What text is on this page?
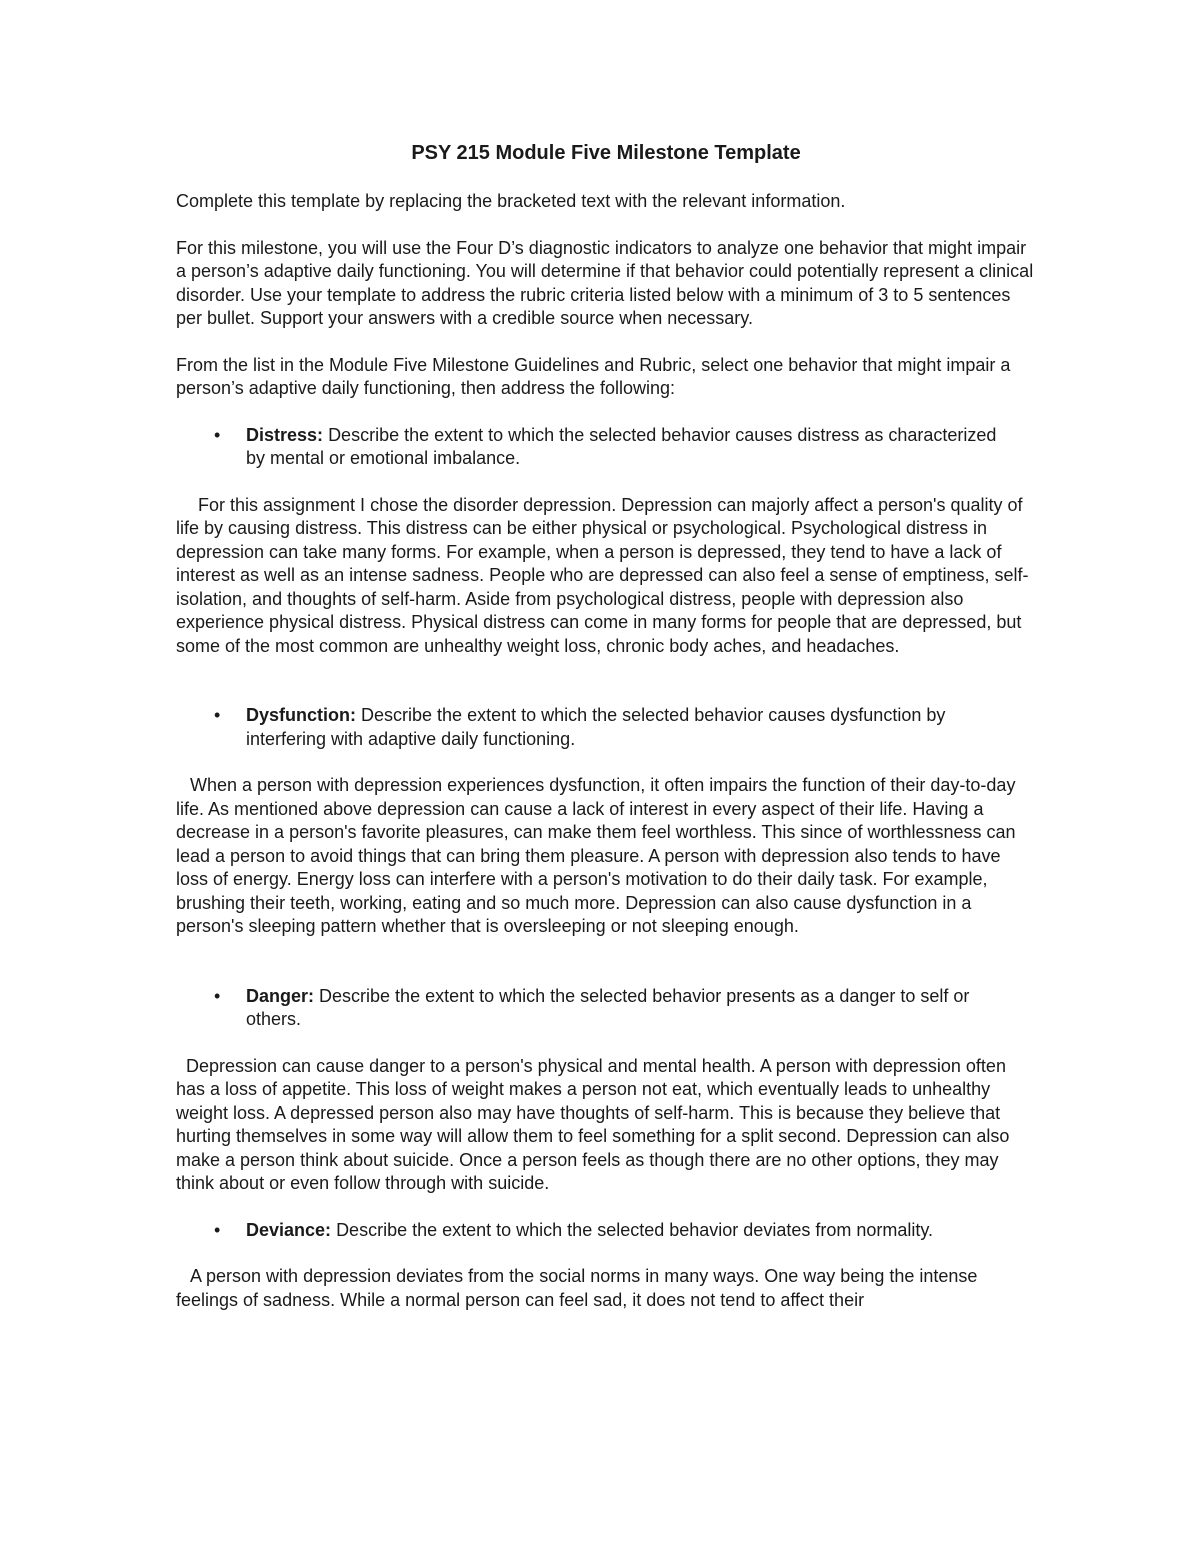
PSY 215 Module Five Milestone Template

Complete this template by replacing the bracketed text with the relevant information.

For this milestone, you will use the Four D’s diagnostic indicators to analyze one behavior that might impair a person’s adaptive daily functioning. You will determine if that behavior could potentially represent a clinical disorder. Use your template to address the rubric criteria listed below with a minimum of 3 to 5 sentences per bullet. Support your answers with a credible source when necessary.

From the list in the Module Five Milestone Guidelines and Rubric, select one behavior that might impair a person’s adaptive daily functioning, then address the following:

• Distress: Describe the extent to which the selected behavior causes distress as characterized by mental or emotional imbalance.

For this assignment I chose the disorder depression. Depression can majorly affect a person's quality of life by causing distress. This distress can be either physical or psychological. Psychological distress in depression can take many forms. For example, when a person is depressed, they tend to have a lack of interest as well as an intense sadness. People who are depressed can also feel a sense of emptiness, self-isolation, and thoughts of self-harm. Aside from psychological distress, people with depression also experience physical distress. Physical distress can come in many forms for people that are depressed, but some of the most common are unhealthy weight loss, chronic body aches, and headaches.

• Dysfunction: Describe the extent to which the selected behavior causes dysfunction by interfering with adaptive daily functioning.

When a person with depression experiences dysfunction, it often impairs the function of their day-to-day life. As mentioned above depression can cause a lack of interest in every aspect of their life. Having a decrease in a person's favorite pleasures, can make them feel worthless. This since of worthlessness can lead a person to avoid things that can bring them pleasure. A person with depression also tends to have loss of energy. Energy loss can interfere with a person's motivation to do their daily task. For example, brushing their teeth, working, eating and so much more. Depression can also cause dysfunction in a person's sleeping pattern whether that is oversleeping or not sleeping enough.

• Danger: Describe the extent to which the selected behavior presents as a danger to self or others.

Depression can cause danger to a person's physical and mental health. A person with depression often has a loss of appetite. This loss of weight makes a person not eat, which eventually leads to unhealthy weight loss. A depressed person also may have thoughts of self-harm. This is because they believe that hurting themselves in some way will allow them to feel something for a split second. Depression can also make a person think about suicide. Once a person feels as though there are no other options, they may think about or even follow through with suicide.

• Deviance: Describe the extent to which the selected behavior deviates from normality.

A person with depression deviates from the social norms in many ways. One way being the intense feelings of sadness. While a normal person can feel sad, it does not tend to affect their
